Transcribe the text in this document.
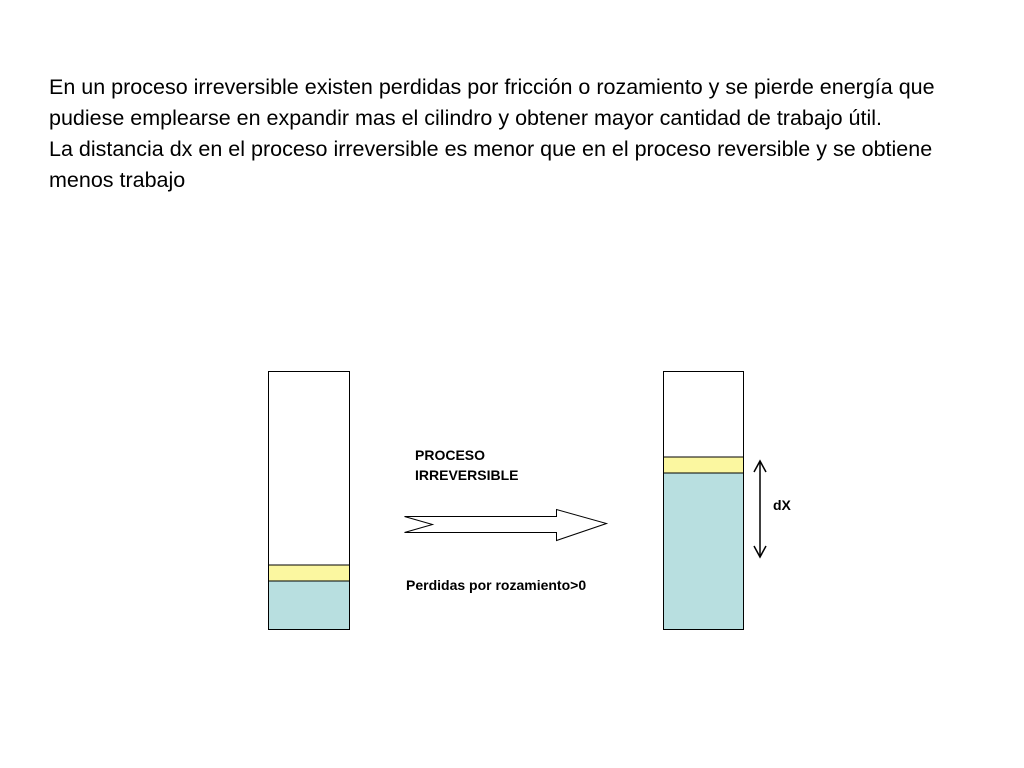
En un proceso irreversible existen perdidas por fricción o rozamiento y se pierde energía que pudiese emplearse en expandir mas el cilindro y obtener mayor cantidad de trabajo útil.

La distancia dx en el proceso irreversible es menor que en el proceso reversible y se obtiene menos trabajo

PROCESO
IRREVERSIBLE
Perdidas por rozamiento>0
dX
